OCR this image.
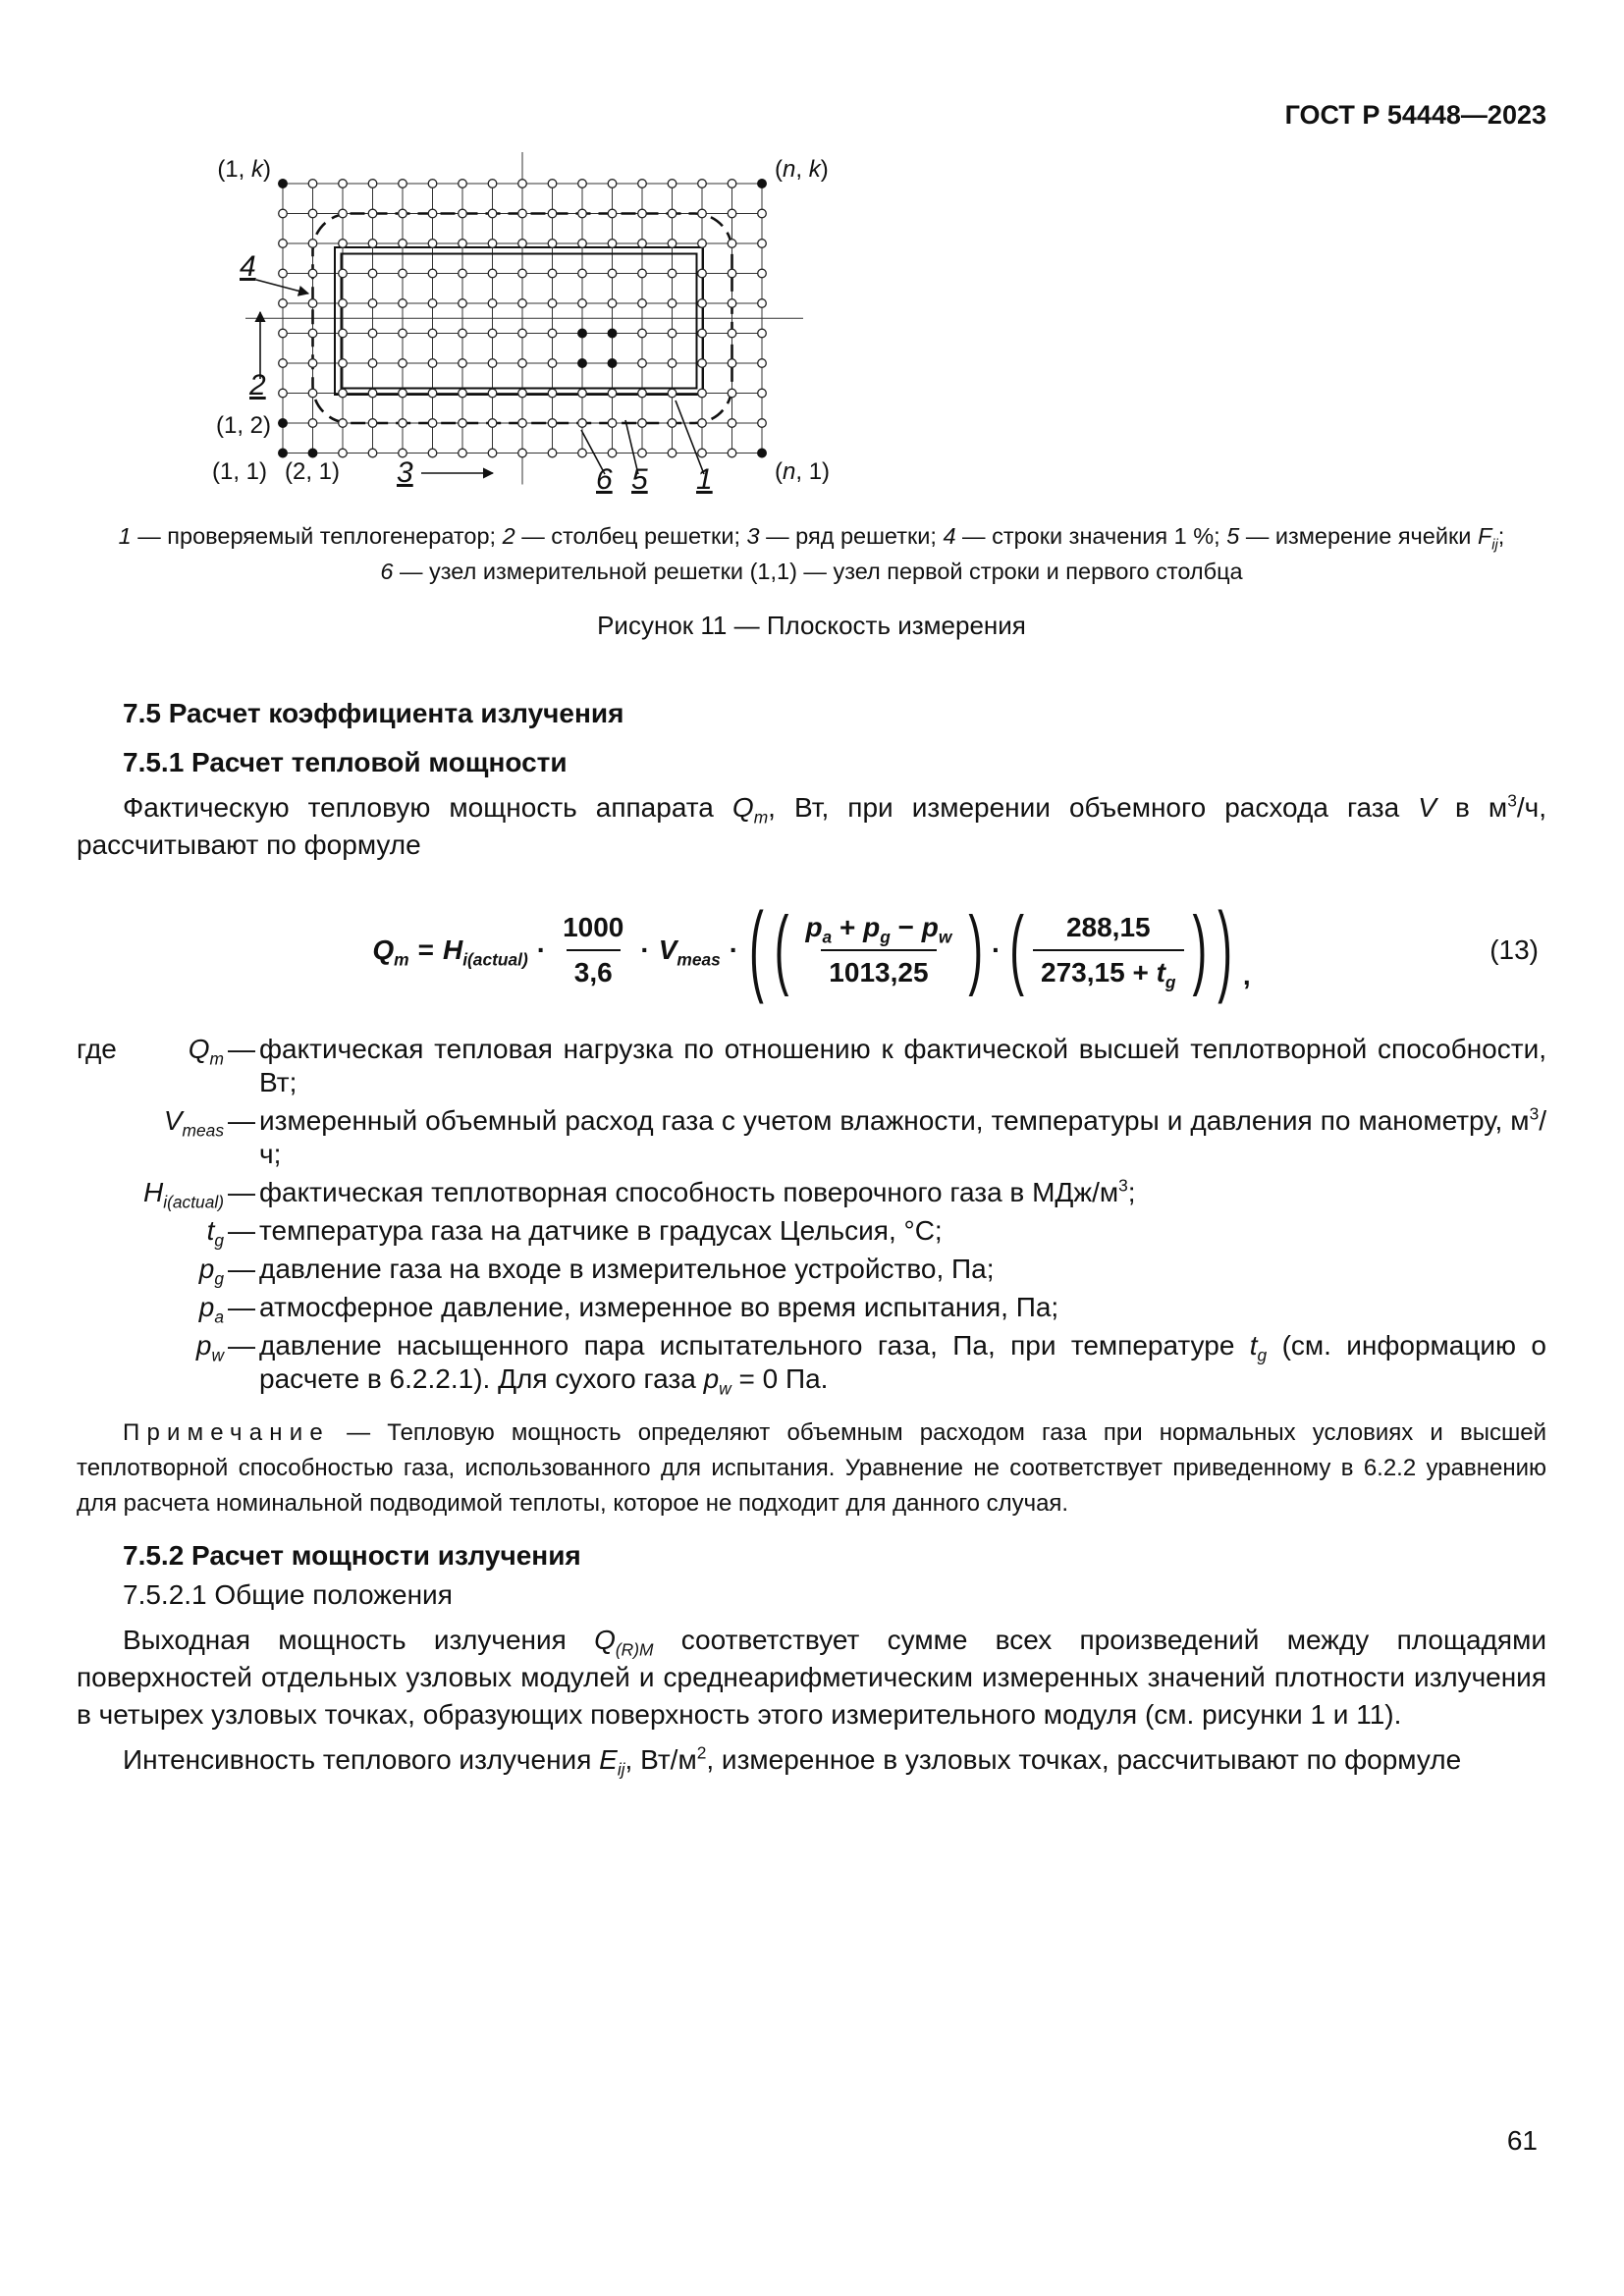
ГОСТ Р 54448—2023
4
2
3	6 5 1
(1, k)	(n, k)
(1, 2)
(1, 1) (2, 1)	(n, 1)
1 — проверяемый теплогенератор; 2 — столбец решетки; 3 — ряд решетки; 4 — строки значения 1 %; 5 — измерение ячейки $F_{ij}$;
6 — узел измерительной решетки (1,1) — узел первой строки и первого столбца
Рисунок 11 — Плоскость измерения
7.5 Расчет коэффициента излучения
7.5.1 Расчет тепловой мощности

Фактическую тепловую мощность аппарата $Q_m$, Вт, при измерении объемного расхода газа V в $м^3/ч$, рассчитывают по формуле

$Q_m = H_{i(actual)} \cdot \frac{1000}{3,6} \cdot V_{meas}$ · ( ( $\frac{p_a + p_g - p_w}{1013,25}$ ) · ( $\frac{288,15}{273,15 + t_g}$ ) ) ,
(13)
где	$Q_m$ — фактическая тепловая нагрузка по отношению к фактической высшей теплотворной способности, Вт;
$V_{meas}$ — измеренный объемный расход газа с учетом влажности, температуры и давления по манометру, $м^3/ч$;
$H_{i(actual)}$ — фактическая теплотворная способность поверочного газа в МДж/$м^3$;
$t_g$ — температура газа на датчике в градусах Цельсия, °С;
$p_g$ — давление газа на входе в измерительное устройство, Па;
$p_a$ — атмосферное давление, измеренное во время испытания, Па;
$p_w$ — давление насыщенного пара испытательного газа, Па, при температуре $t_g$ (см. информацию о расчете в 6.2.2.1). Для сухого газа $p_w = 0$ Па.

Примечание — Тепловую мощность определяют объемным расходом газа при нормальных условиях и высшей теплотворной способностью газа, использованного для испытания. Уравнение не соответствует приведенному в 6.2.2 уравнению для расчета номинальной подводимой теплоты, которое не подходит для данного случая.

7.5.2 Расчет мощности излучения
7.5.2.1 Общие положения

Выходная мощность излучения $Q_{(R)M}$ соответствует сумме всех произведений между площадями поверхностей отдельных узловых модулей и среднеарифметическим измеренных значений плотности излучения в четырех узловых точках, образующих поверхность этого измерительного модуля (см. рисунки 1 и 11).

Интенсивность теплового излучения $E_{ij}$, $Вт/м^2$, измеренное в узловых точках, рассчитывают по формуле

61
